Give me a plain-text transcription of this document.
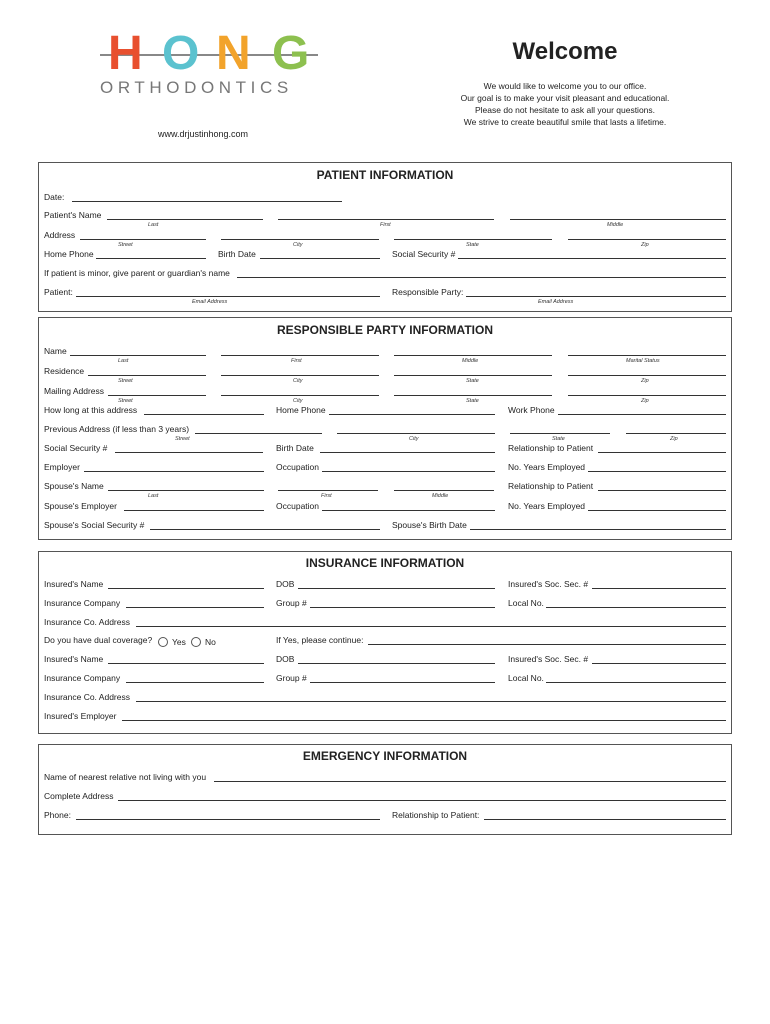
H O N G
ORTHODONTICS
www.drjustinhong.com
Welcome
We would like to welcome you to our office.
Our goal is to make your visit pleasant and educational.
Please do not hesitate to ask all your questions.
We strive to create beautiful smile that lasts a lifetime.
PATIENT INFORMATION
Date:
Patient's Name
Last	First	Middle
Address
Street	City	State	Zip
Home Phone	Birth Date	Social Security #
If patient is minor, give parent or guardian's name
Patient:	Responsible Party:
Email Address	Email Address
RESPONSIBLE PARTY INFORMATION
Name
Last	First	Middle	Marital Status
Residence
Street	City	State	Zip
Mailing Address
Street	City	State	Zip
How long at this address	Home Phone	Work Phone
Previous Address (if less than 3 years)
Street	City	State	Zip
Social Security #	Birth Date	Relationship to Patient
Employer	Occupation	No. Years Employed
Spouse's Name	Relationship to Patient
Last	First	Middle
Spouse's Employer	Occupation	No. Years Employed
Spouse's Social Security #	Spouse's Birth Date
INSURANCE INFORMATION
Insured's Name	DOB	Insured's Soc. Sec. #
Insurance Company	Group #	Local No.
Insurance Co. Address
Do you have dual coverage? Yes No	If Yes, please continue:
Insured's Name	DOB	Insured's Soc. Sec. #
Insurance Company	Group #	Local No.
Insurance Co. Address
Insured's Employer
EMERGENCY INFORMATION
Name of nearest relative not living with you
Complete Address
Phone:	Relationship to Patient:
